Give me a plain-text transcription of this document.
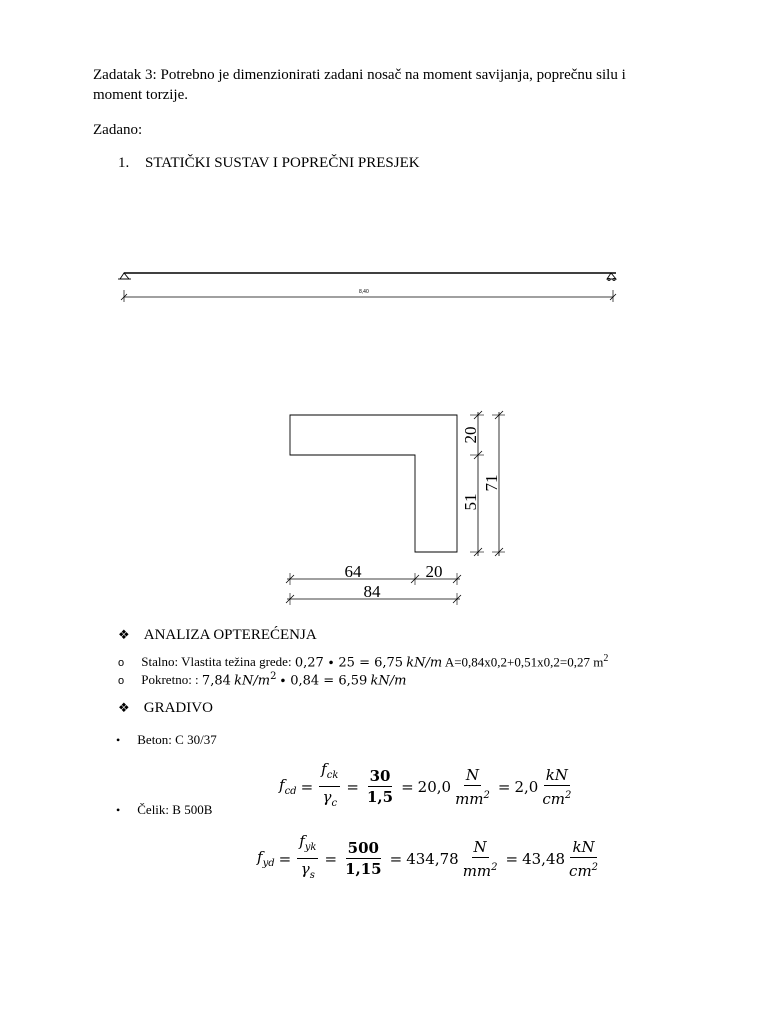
Zadatak 3: Potrebno je dimenzionirati zadani nosač na moment savijanja, poprečnu silu i
moment torzije.
Zadano:
1. STATIČKI SUSTAV I POPREČNI PRESJEK
8,40
20
51
71
64	20
84
❖ ANALIZA OPTEREĆENJA
o Stalno: Vlastita težina grede: 0,27 ∙ 25 = 6,75 kN/m A=0,84x0,2+0,51x0,2=0,27 $m^2$
o Pokretno: : 7,84 $kN/m^2 \cdot 0,84 = 6,59$ kN/m
❖ GRADIVO
• Beton: C 30/37
$f_{cd} = \frac{f_{ck}}{\gamma_c} = \frac{30}{1,5} = 20,0 \frac{N}{mm^2} = 2,0 \frac{kN}{cm^2}$
• Čelik: B 500B
$f_{yd} = \frac{f_{yk}}{\gamma_s} = \frac{500}{1,15} = 434,78 \frac{N}{mm^2} = 43,48 \frac{kN}{cm^2}$
